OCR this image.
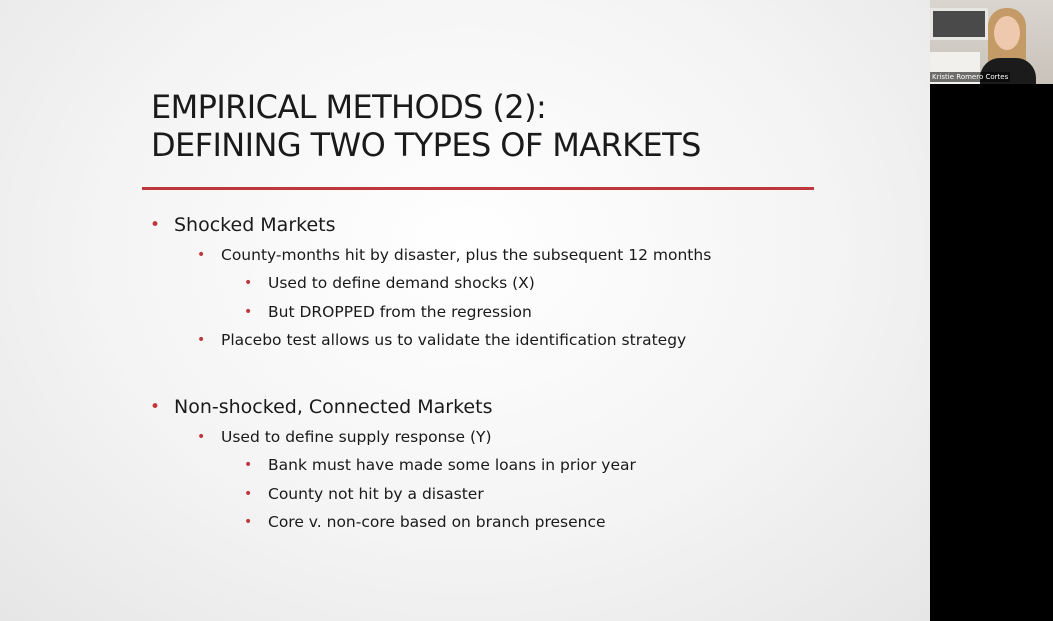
EMPIRICAL METHODS (2):
DEFINING TWO TYPES OF MARKETS
• Shocked Markets
• County-months hit by disaster, plus the subsequent 12 months
• Used to define demand shocks (X)
• But DROPPED from the regression
• Placebo test allows us to validate the identification strategy
• Non-shocked, Connected Markets
• Used to define supply response (Y)
• Bank must have made some loans in prior year
• County not hit by a disaster
• Core v. non-core based on branch presence
Kristie Romero Cortes
